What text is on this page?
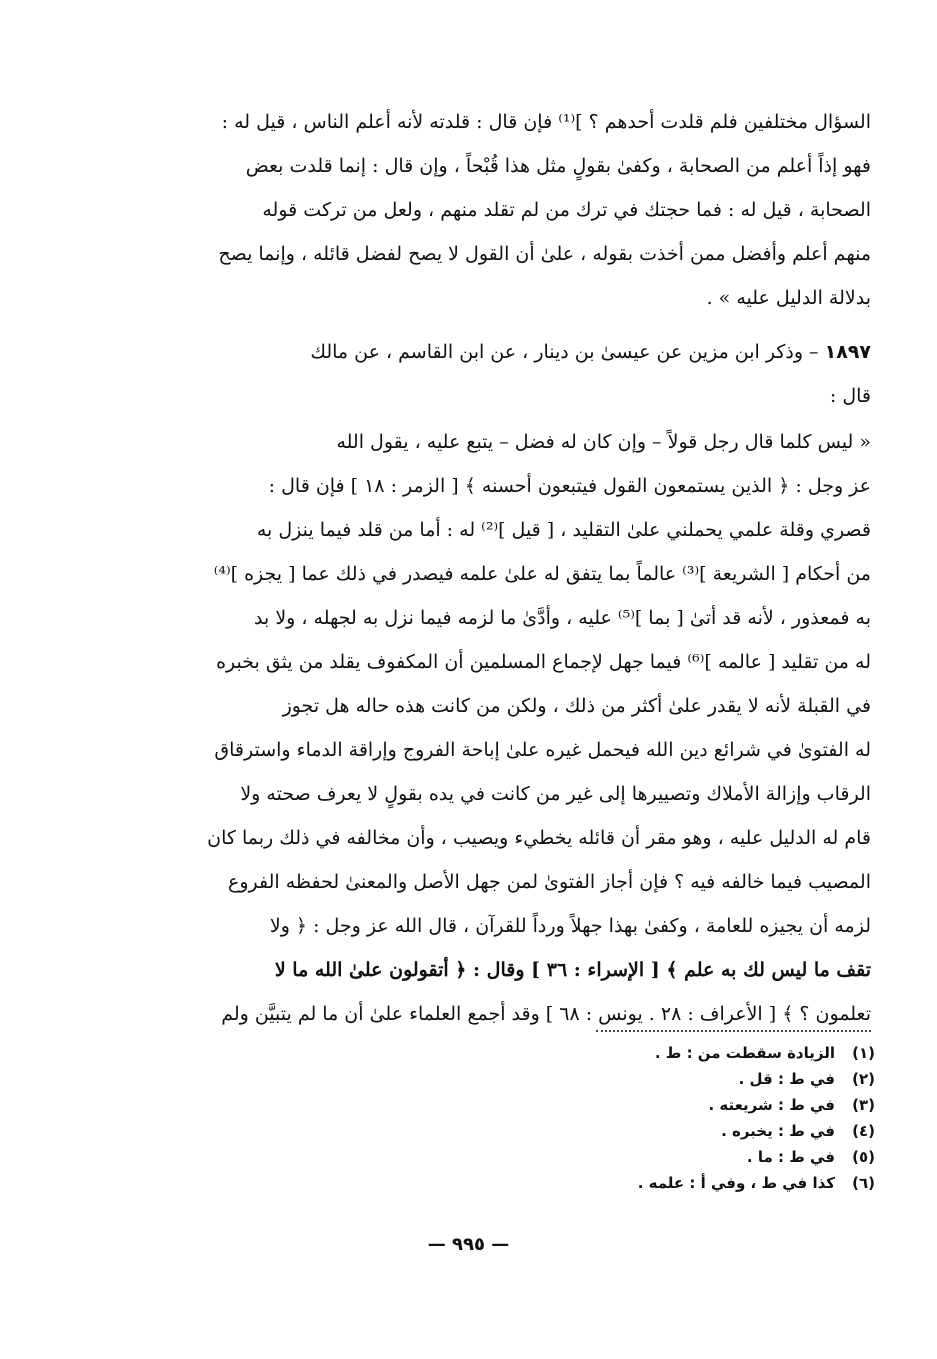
السؤال مختلفين فلم قلدت أحدهم ؟ ]⁽¹⁾ فإن قال : قلدته لأنه أعلم الناس ، قيل له :
فهو إذاً أعلم من الصحابة ، وكفىٰ بقولٍ مثل هذا قُبْحاً ، وإن قال : إنما قلدت بعض
الصحابة ، قيل له : فما حجتك في ترك من لم تقلد منهم ، ولعل من تركت قوله
منهم أعلم وأفضل ممن أخذت بقوله ، علىٰ أن القول لا يصح لفضل قائله ، وإنما يصح
بدلالة الدليل عليه » .
١٨٩٧ – وذكر ابن مزين عن عيسىٰ بن دينار ، عن ابن القاسم ، عن مالك
قال :
« ليس كلما قال رجل قولاً – وإن كان له فضل – يتبع عليه ، يقول الله
عز وجل : ﴿ الذين يستمعون القول فيتبعون أحسنه ﴾ [ الزمر : ١٨ ] فإن قال :
قصري وقلة علمي يحملني علىٰ التقليد ، [ قيل ]⁽²⁾ له : أما من قلد فيما ينزل به
من أحكام [ الشريعة ]⁽³⁾ عالماً بما يتفق له علىٰ علمه فيصدر في ذلك عما [ يجزه ]⁽⁴⁾
به فمعذور ، لأنه قد أتىٰ [ بما ]⁽⁵⁾ عليه ، وأدَّىٰ ما لزمه فيما نزل به لجهله ، ولا بد
له من تقليد [ عالمه ]⁽⁶⁾ فيما جهل لإجماع المسلمين أن المكفوف يقلد من يثق بخبره
في القبلة لأنه لا يقدر علىٰ أكثر من ذلك ، ولكن من كانت هذه حاله هل تجوز
له الفتوىٰ في شرائع دين الله فيحمل غيره علىٰ إباحة الفروج وإراقة الدماء واسترقاق
الرقاب وإزالة الأملاك وتصييرها إلى غير من كانت في يده بقولٍ لا يعرف صحته ولا
قام له الدليل عليه ، وهو مقر أن قائله يخطيء ويصيب ، وأن مخالفه في ذلك ربما كان
المصيب فيما خالفه فيه ؟ فإن أجاز الفتوىٰ لمن جهل الأصل والمعنىٰ لحفظه الفروع
لزمه أن يجيزه للعامة ، وكفىٰ بهذا جهلاً ورداً للقرآن ، قال الله عز وجل : ﴿ ولا
تقف ما ليس لك به علم ﴾ [ الإسراء : ٣٦ ] وقال : ﴿ أتقولون علىٰ الله ما لا
تعلمون ؟ ﴾ [ الأعراف : ٢٨ . يونس : ٦٨ ] وقد أجمع العلماء علىٰ أن ما لم يتبيَّن ولم
(١)
الزيادة سقطت من : ط .
(٢)
في ط : قل .
(٣)
في ط : شريعته .
(٤)
في ط : يخبره .
(٥)
في ط : ما .
(٦)
كذا في ط ، وفي أ : علمه .
— ٩٩٥ —
